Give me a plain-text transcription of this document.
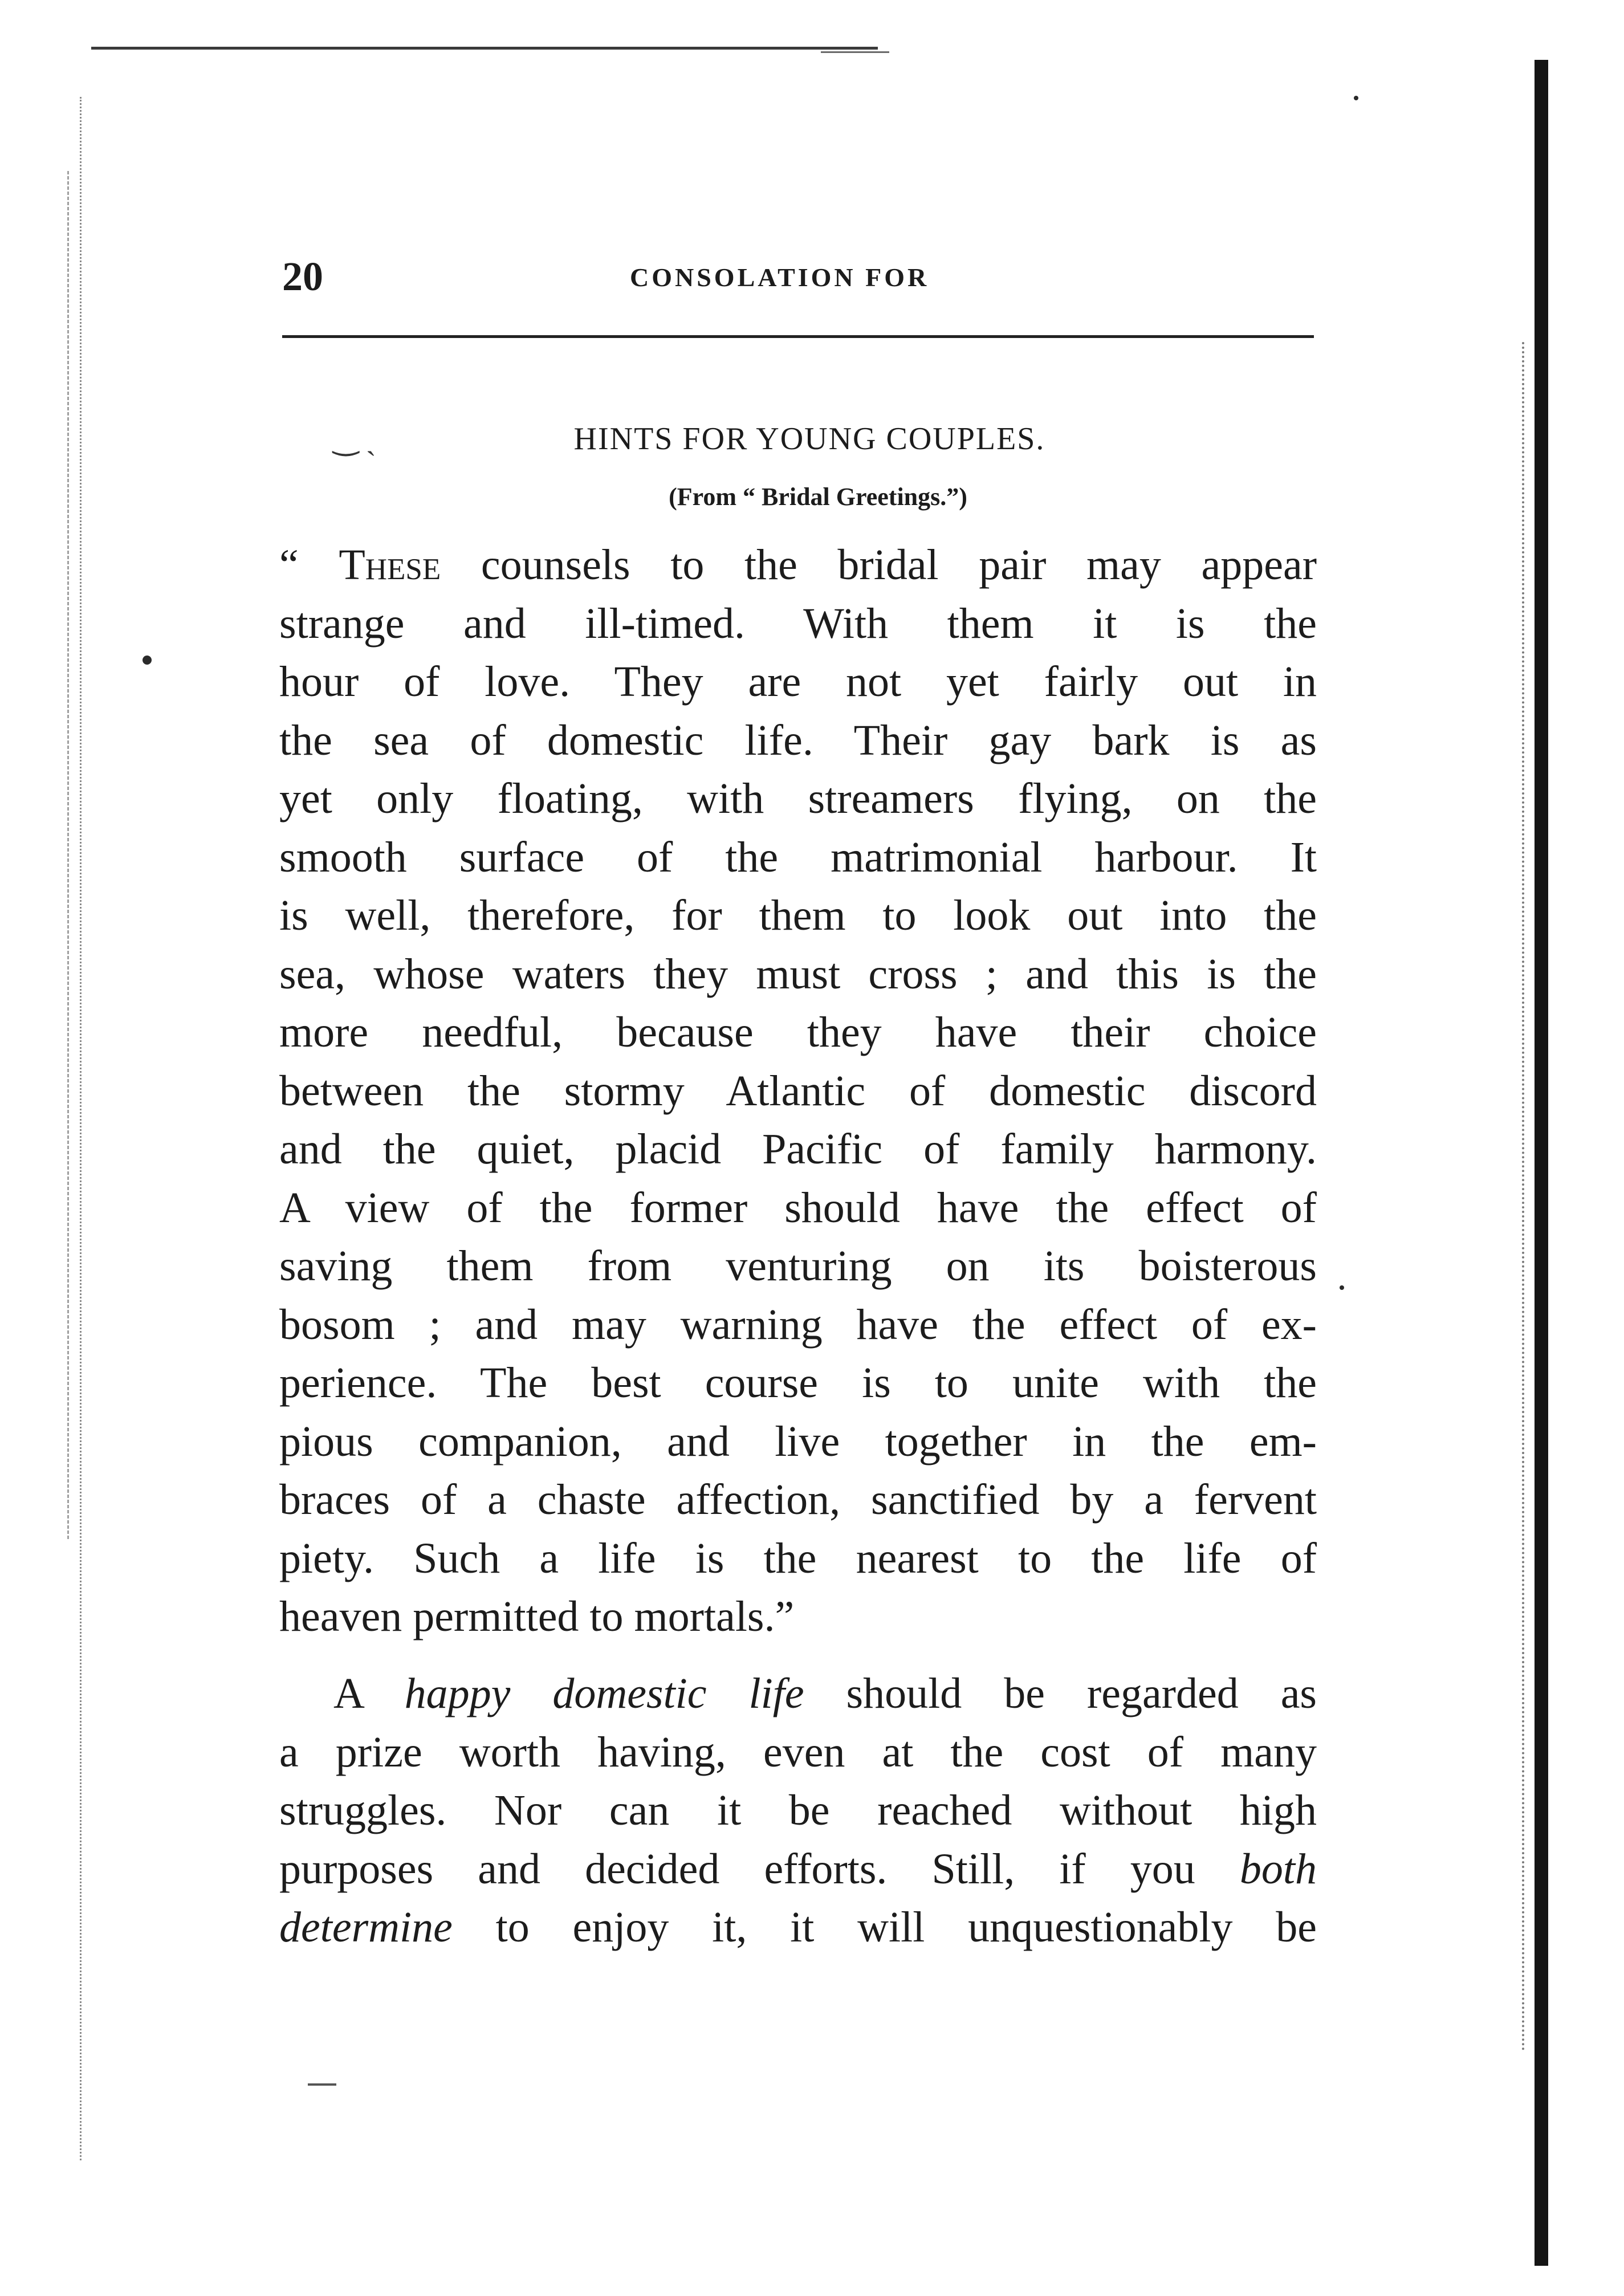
20	CONSOLATION FOR
‿ ˎ	HINTS FOR YOUNG COUPLES.
(From “ Bridal Greetings.”)
“ These counsels to the bridal pair may appear
strange and ill-timed. With them it is the
hour of love. They are not yet fairly out in
the sea of domestic life. Their gay bark is as
yet only floating, with streamers flying, on the
smooth surface of the matrimonial harbour. It
is well, therefore, for them to look out into the
sea, whose waters they must cross ; and this is the
more needful, because they have their choice
between the stormy Atlantic of domestic discord
and the quiet, placid Pacific of family harmony.
A view of the former should have the effect of
saving them from venturing on its boisterous
bosom ; and may warning have the effect of ex-
perience. The best course is to unite with the
pious companion, and live together in the em-
braces of a chaste affection, sanctified by a fervent
piety. Such a life is the nearest to the life of
heaven permitted to mortals.”
A happy domestic life should be regarded as
a prize worth having, even at the cost of many
struggles. Nor can it be reached without high
purposes and decided efforts. Still, if you both
determine to enjoy it, it will unquestionably be
